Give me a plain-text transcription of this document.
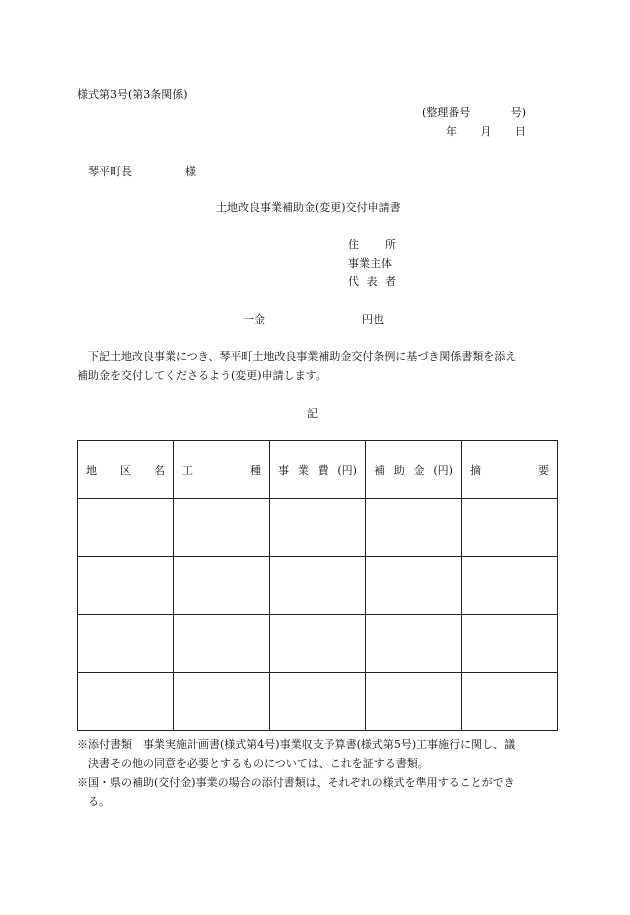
様式第3号(第3条関係)
(整理番号	号)
年 月 日
琴平町長	様
土地改良事業補助金(変更)交付申請書
住 所
事業主体
代 表 者
一金	円也
下記土地改良事業につき、琴平町土地改良事業補助金交付条例に基づき関係書類を添え
補助金を交付してくださるよう(変更)申請します。
記
地 区 名	工 種	事 業 費 (円)	補 助 金 (円)	摘 要

※添付書類　事業実施計画書(様式第4号)事業収支予算書(様式第5号)工事施行に関し、議
決書その他の同意を必要とするものについては、これを証する書類。
※国・県の補助(交付金)事業の場合の添付書類は、それぞれの様式を準用することができ
る。
